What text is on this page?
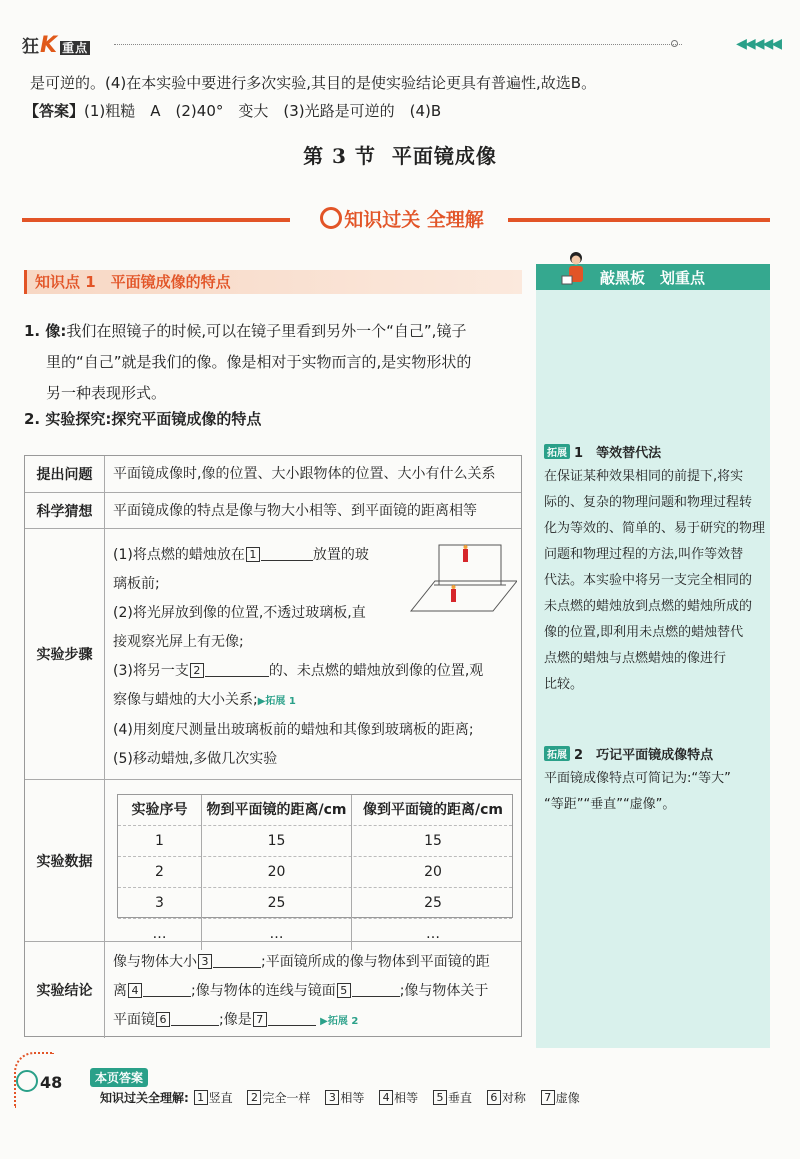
狂K 重点	◀◀◀◀◀
是可逆的。(4)在本实验中要进行多次实验,其目的是使实验结论更具有普遍性,故选B。
【答案】(1)粗糙　A　(2)40°　变大　(3)光路是可逆的　(4)B
第 3 节 平面镜成像
知识过关 全理解
知识点 1　平面镜成像的特点
1. 像:我们在照镜子的时候,可以在镜子里看到另外一个“自己”,镜子
里的“自己”就是我们的像。像是相对于实物而言的,是实物形状的
另一种表现形式。
2. 实验探究:探究平面镜成像的特点
提出问题	平面镜成像时,像的位置、大小跟物体的位置、大小有什么关系
科学猜想	平面镜成像的特点是像与物大小相等、到平面镜的距离相等
实验步骤
(1)将点燃的蜡烛放在 1	放置的玻
璃板前;
(2)将光屏放到像的位置,不透过玻璃板,直
接观察光屏上有无像;
(3)将另一支 2	的、未点燃的蜡烛放到像的位置,观
察像与蜡烛的大小关系;▶拓展 1
(4)用刻度尺测量出玻璃板前的蜡烛和其像到玻璃板的距离;
(5)移动蜡烛,多做几次实验
实验数据
实验序号	物到平面镜的距离/cm	像到平面镜的距离/cm
1	15	15
2	20	20
3	25	25
…	…	…
实验结论
像与物体大小 3	;平面镜所成的像与物体到平面镜的距
离 4	;像与物体的连线与镜面 5	;像与物体关于
平面镜 6	;像是 7	▶拓展 2
敲黑板　划重点
拓展 1　 等效替代法
在保证某种效果相同的前提下,将实
际的、复杂的物理问题和物理过程转
化为等效的、简单的、易于研究的物理
问题和物理过程的方法,叫作等效替
代法。本实验中将另一支完全相同的
未点燃的蜡烛放到点燃的蜡烛所成的
像的位置,即利用未点燃的蜡烛替代
点燃的蜡烛与点燃蜡烛的像进行
比较。
拓展 2　 巧记平面镜成像特点
平面镜成像特点可简记为:“等大”
“等距”“垂直”“虚像”。
48	本页答案
知识过关全理解: 1 竖直 2 完全一样 3 相等 4 相等 5 垂直 6 对称 7 虚像
